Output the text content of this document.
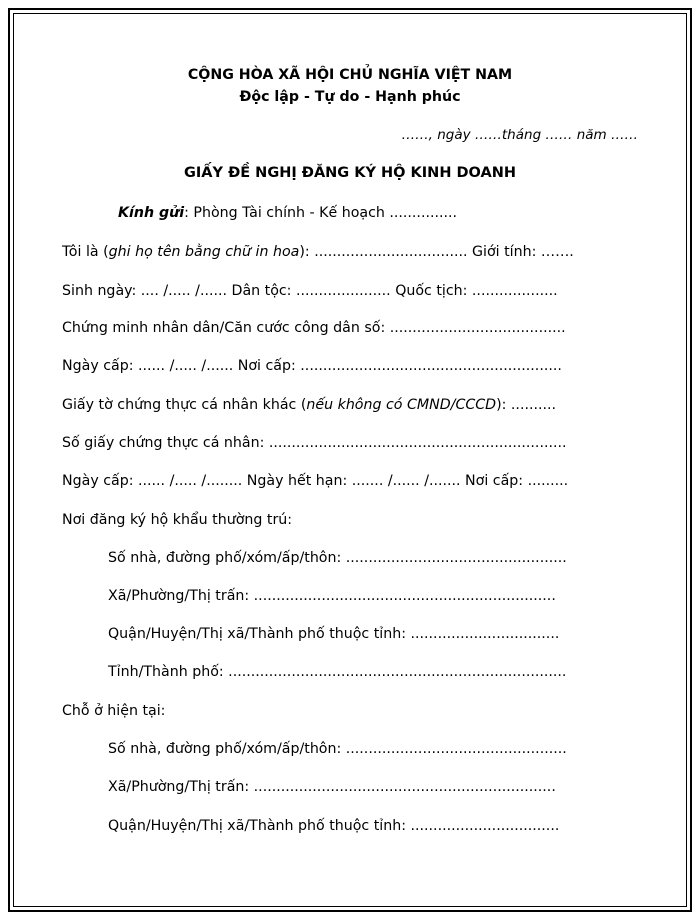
CỘNG HÒA XÃ HỘI CHỦ NGHĨA VIỆT NAM
Độc lập - Tự do - Hạnh phúc
……, ngày ……tháng …… năm ……
GIẤY ĐỀ NGHỊ ĐĂNG KÝ HỘ KINH DOANH
Kính gửi: Phòng Tài chính - Kế hoạch ...............
Tôi là (ghi họ tên bằng chữ in hoa): .................................. Giới tính: …….
Sinh ngày: .... /..... /...... Dân tộc: ..................... Quốc tịch: ...................
Chứng minh nhân dân/Căn cước công dân số: .......................................
Ngày cấp: ...... /..... /...... Nơi cấp: ..........................................................
Giấy tờ chứng thực cá nhân khác (nếu không có CMND/CCCD): ..........
Số giấy chứng thực cá nhân: ..................................................................
Ngày cấp: ...... /..... /........ Ngày hết hạn: ....... /...... /....... Nơi cấp: .........
Nơi đăng ký hộ khẩu thường trú:
Số nhà, đường phố/xóm/ấp/thôn: .................................................
Xã/Phường/Thị trấn: ...................................................................
Quận/Huyện/Thị xã/Thành phố thuộc tỉnh: .................................
Tỉnh/Thành phố: ...........................................................................
Chỗ ở hiện tại:
Số nhà, đường phố/xóm/ấp/thôn: .................................................
Xã/Phường/Thị trấn: ...................................................................
Quận/Huyện/Thị xã/Thành phố thuộc tỉnh: .................................
